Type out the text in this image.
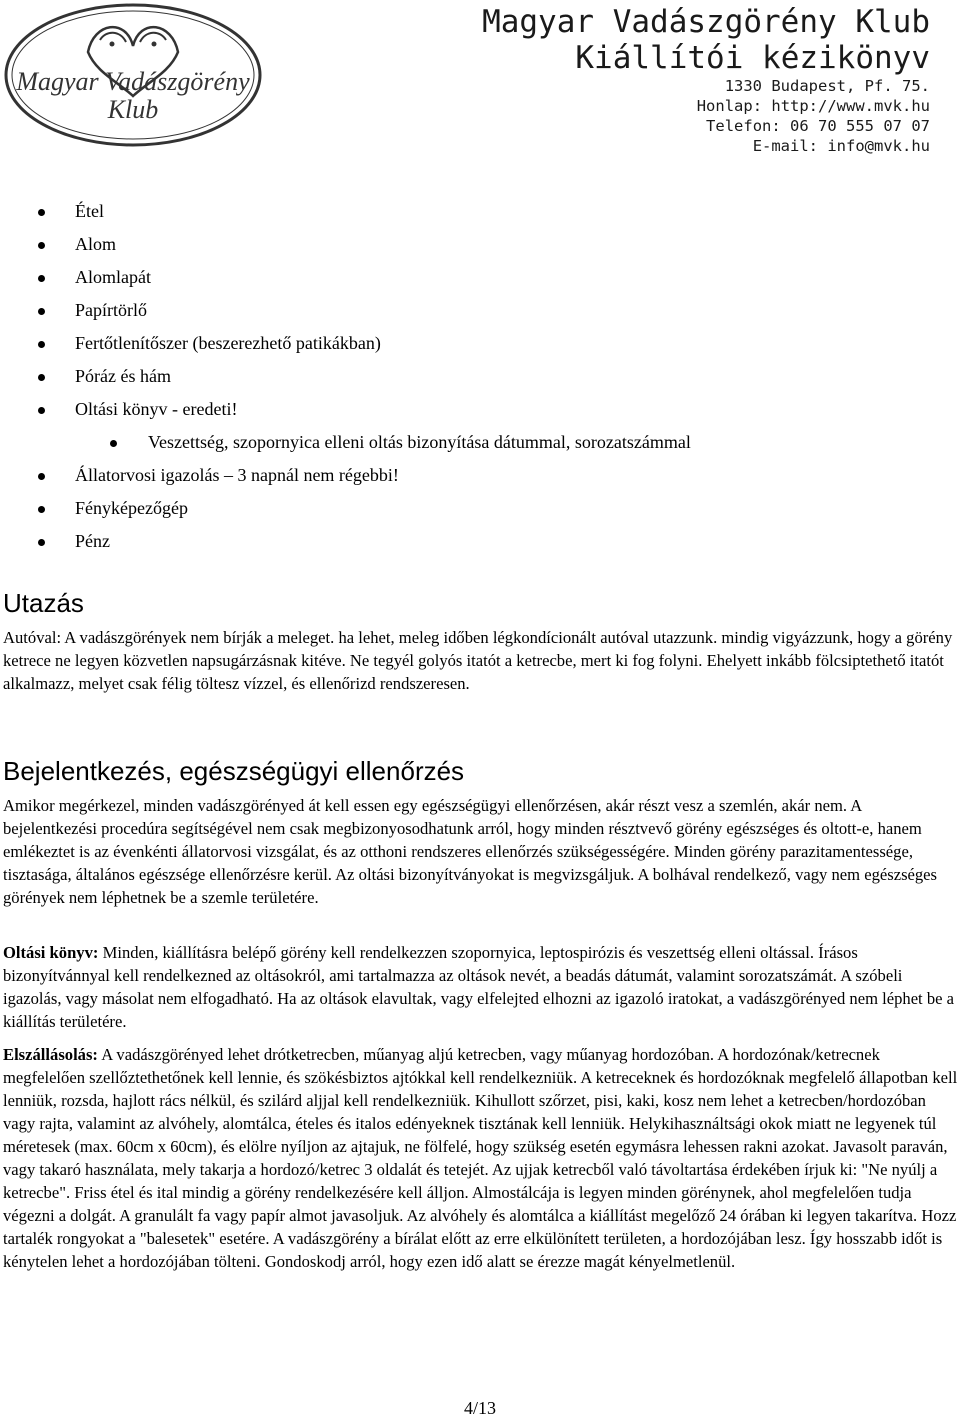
Magyar Vadászgörény
Klub
Magyar Vadászgörény Klub
Kiállítói kézikönyv
1330 Budapest, Pf. 75.
Honlap: http://www.mvk.hu
Telefon: 06 70 555 07 07
E-mail: info@mvk.hu
Étel
Alom
Alomlapát
Papírtörlő
Fertőtlenítőszer (beszerezhető patikákban)
Póráz és hám
Oltási könyv - eredeti!
Veszettség, szopornyica elleni oltás bizonyítása dátummal, sorozatszámmal
Állatorvosi igazolás – 3 napnál nem régebbi!
Fényképezőgép
Pénz
Utazás

Autóval: A vadászgörények nem bírják a meleget. ha lehet, meleg időben légkondícionált autóval utazzunk. mindig vigyázzunk, hogy a görény ketrece ne legyen közvetlen napsugárzásnak kitéve. Ne tegyél golyós itatót a ketrecbe, mert ki fog folyni. Ehelyett inkább fölcsiptethető itatót alkalmazz, melyet csak félig töltesz vízzel, és ellenőrizd rendszeresen.

Bejelentkezés, egészségügyi ellenőrzés

Amikor megérkezel, minden vadászgörényed át kell essen egy egészségügyi ellenőrzésen, akár részt vesz a szemlén, akár nem. A bejelentkezési procedúra segítségével nem csak megbizonyosodhatunk arról, hogy minden résztvevő görény egészséges és oltott-e, hanem emlékeztet is az évenkénti állatorvosi vizsgálat, és az otthoni rendszeres ellenőrzés szükségességére. Minden görény parazitamentessége, tisztasága, általános egészsége ellenőrzésre kerül. Az oltási bizonyítványokat is megvizsgáljuk. A bolhával rendelkező, vagy nem egészséges görények nem léphetnek be a szemle területére.

Oltási könyv: Minden, kiállításra belépő görény kell rendelkezzen szopornyica, leptospirózis és veszettség elleni oltással. Írásos bizonyítvánnyal kell rendelkezned az oltásokról, ami tartalmazza az oltások nevét, a beadás dátumát, valamint sorozatszámát. A szóbeli igazolás, vagy másolat nem elfogadható. Ha az oltások elavultak, vagy elfelejted elhozni az igazoló iratokat, a vadászgörényed nem léphet be a kiállítás területére.

Elszállásolás: A vadászgörényed lehet drótketrecben, műanyag aljú ketrecben, vagy műanyag hordozóban. A hordozónak/ketrecnek megfelelően szellőztethetőnek kell lennie, és szökésbiztos ajtókkal kell rendelkezniük. A ketreceknek és hordozóknak megfelelő állapotban kell lenniük, rozsda, hajlott rács nélkül, és szilárd aljjal kell rendelkezniük. Kihullott szőrzet, pisi, kaki, kosz nem lehet a ketrecben/hordozóban vagy rajta, valamint az alvóhely, alomtálca, ételes és italos edényeknek tisztának kell lenniük. Helykihasználtsági okok miatt ne legyenek túl méretesek (max. 60cm x 60cm), és elölre nyíljon az ajtajuk, ne fölfelé, hogy szükség esetén egymásra lehessen rakni azokat. Javasolt paraván, vagy takaró használata, mely takarja a hordozó/ketrec 3 oldalát és tetejét. Az ujjak ketrecből való távoltartása érdekében írjuk ki: "Ne nyúlj a ketrecbe". Friss étel és ital mindig a görény rendelkezésére kell álljon. Almostálcája is legyen minden görénynek, ahol megfelelően tudja végezni a dolgát. A granulált fa vagy papír almot javasoljuk. Az alvóhely és alomtálca a kiállítást megelőző 24 órában ki legyen takarítva. Hozz tartalék rongyokat a "balesetek" esetére. A vadászgörény a bírálat előtt az erre elkülönített területen, a hordozójában lesz. Így hosszabb időt is kénytelen lehet a hordozójában tölteni. Gondoskodj arról, hogy ezen idő alatt se érezze magát kényelmetlenül.

4/13
